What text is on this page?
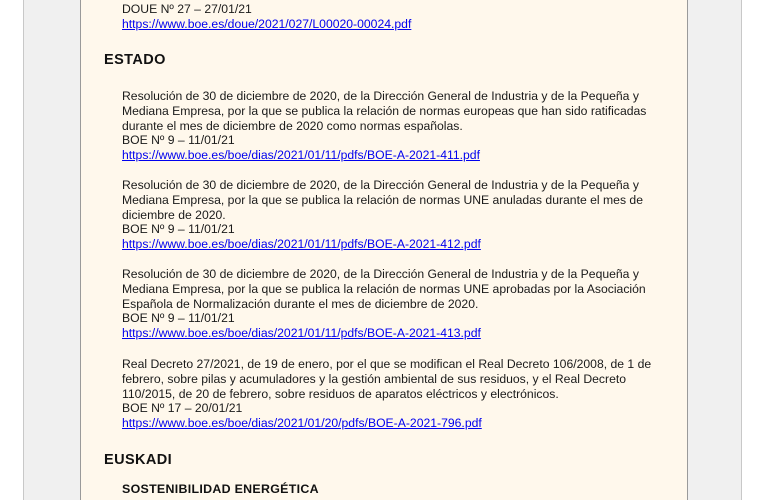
DOUE Nº 27 – 27/01/21
https://www.boe.es/doue/2021/027/L00020-00024.pdf
ESTADO

Resolución de 30 de diciembre de 2020, de la Dirección General de Industria y de la Pequeña y Mediana Empresa, por la que se publica la relación de normas europeas que han sido ratificadas durante el mes de diciembre de 2020 como normas españolas.

BOE Nº 9 – 11/01/21
https://www.boe.es/boe/dias/2021/01/11/pdfs/BOE-A-2021-411.pdf

Resolución de 30 de diciembre de 2020, de la Dirección General de Industria y de la Pequeña y Mediana Empresa, por la que se publica la relación de normas UNE anuladas durante el mes de diciembre de 2020.

BOE Nº 9 – 11/01/21
https://www.boe.es/boe/dias/2021/01/11/pdfs/BOE-A-2021-412.pdf

Resolución de 30 de diciembre de 2020, de la Dirección General de Industria y de la Pequeña y Mediana Empresa, por la que se publica la relación de normas UNE aprobadas por la Asociación Española de Normalización durante el mes de diciembre de 2020.

BOE Nº 9 – 11/01/21
https://www.boe.es/boe/dias/2021/01/11/pdfs/BOE-A-2021-413.pdf

Real Decreto 27/2021, de 19 de enero, por el que se modifican el Real Decreto 106/2008, de 1 de febrero, sobre pilas y acumuladores y la gestión ambiental de sus residuos, y el Real Decreto 110/2015, de 20 de febrero, sobre residuos de aparatos eléctricos y electrónicos.

BOE Nº 17 – 20/01/21
https://www.boe.es/boe/dias/2021/01/20/pdfs/BOE-A-2021-796.pdf
EUSKADI
SOSTENIBILIDAD ENERGÉTICA
